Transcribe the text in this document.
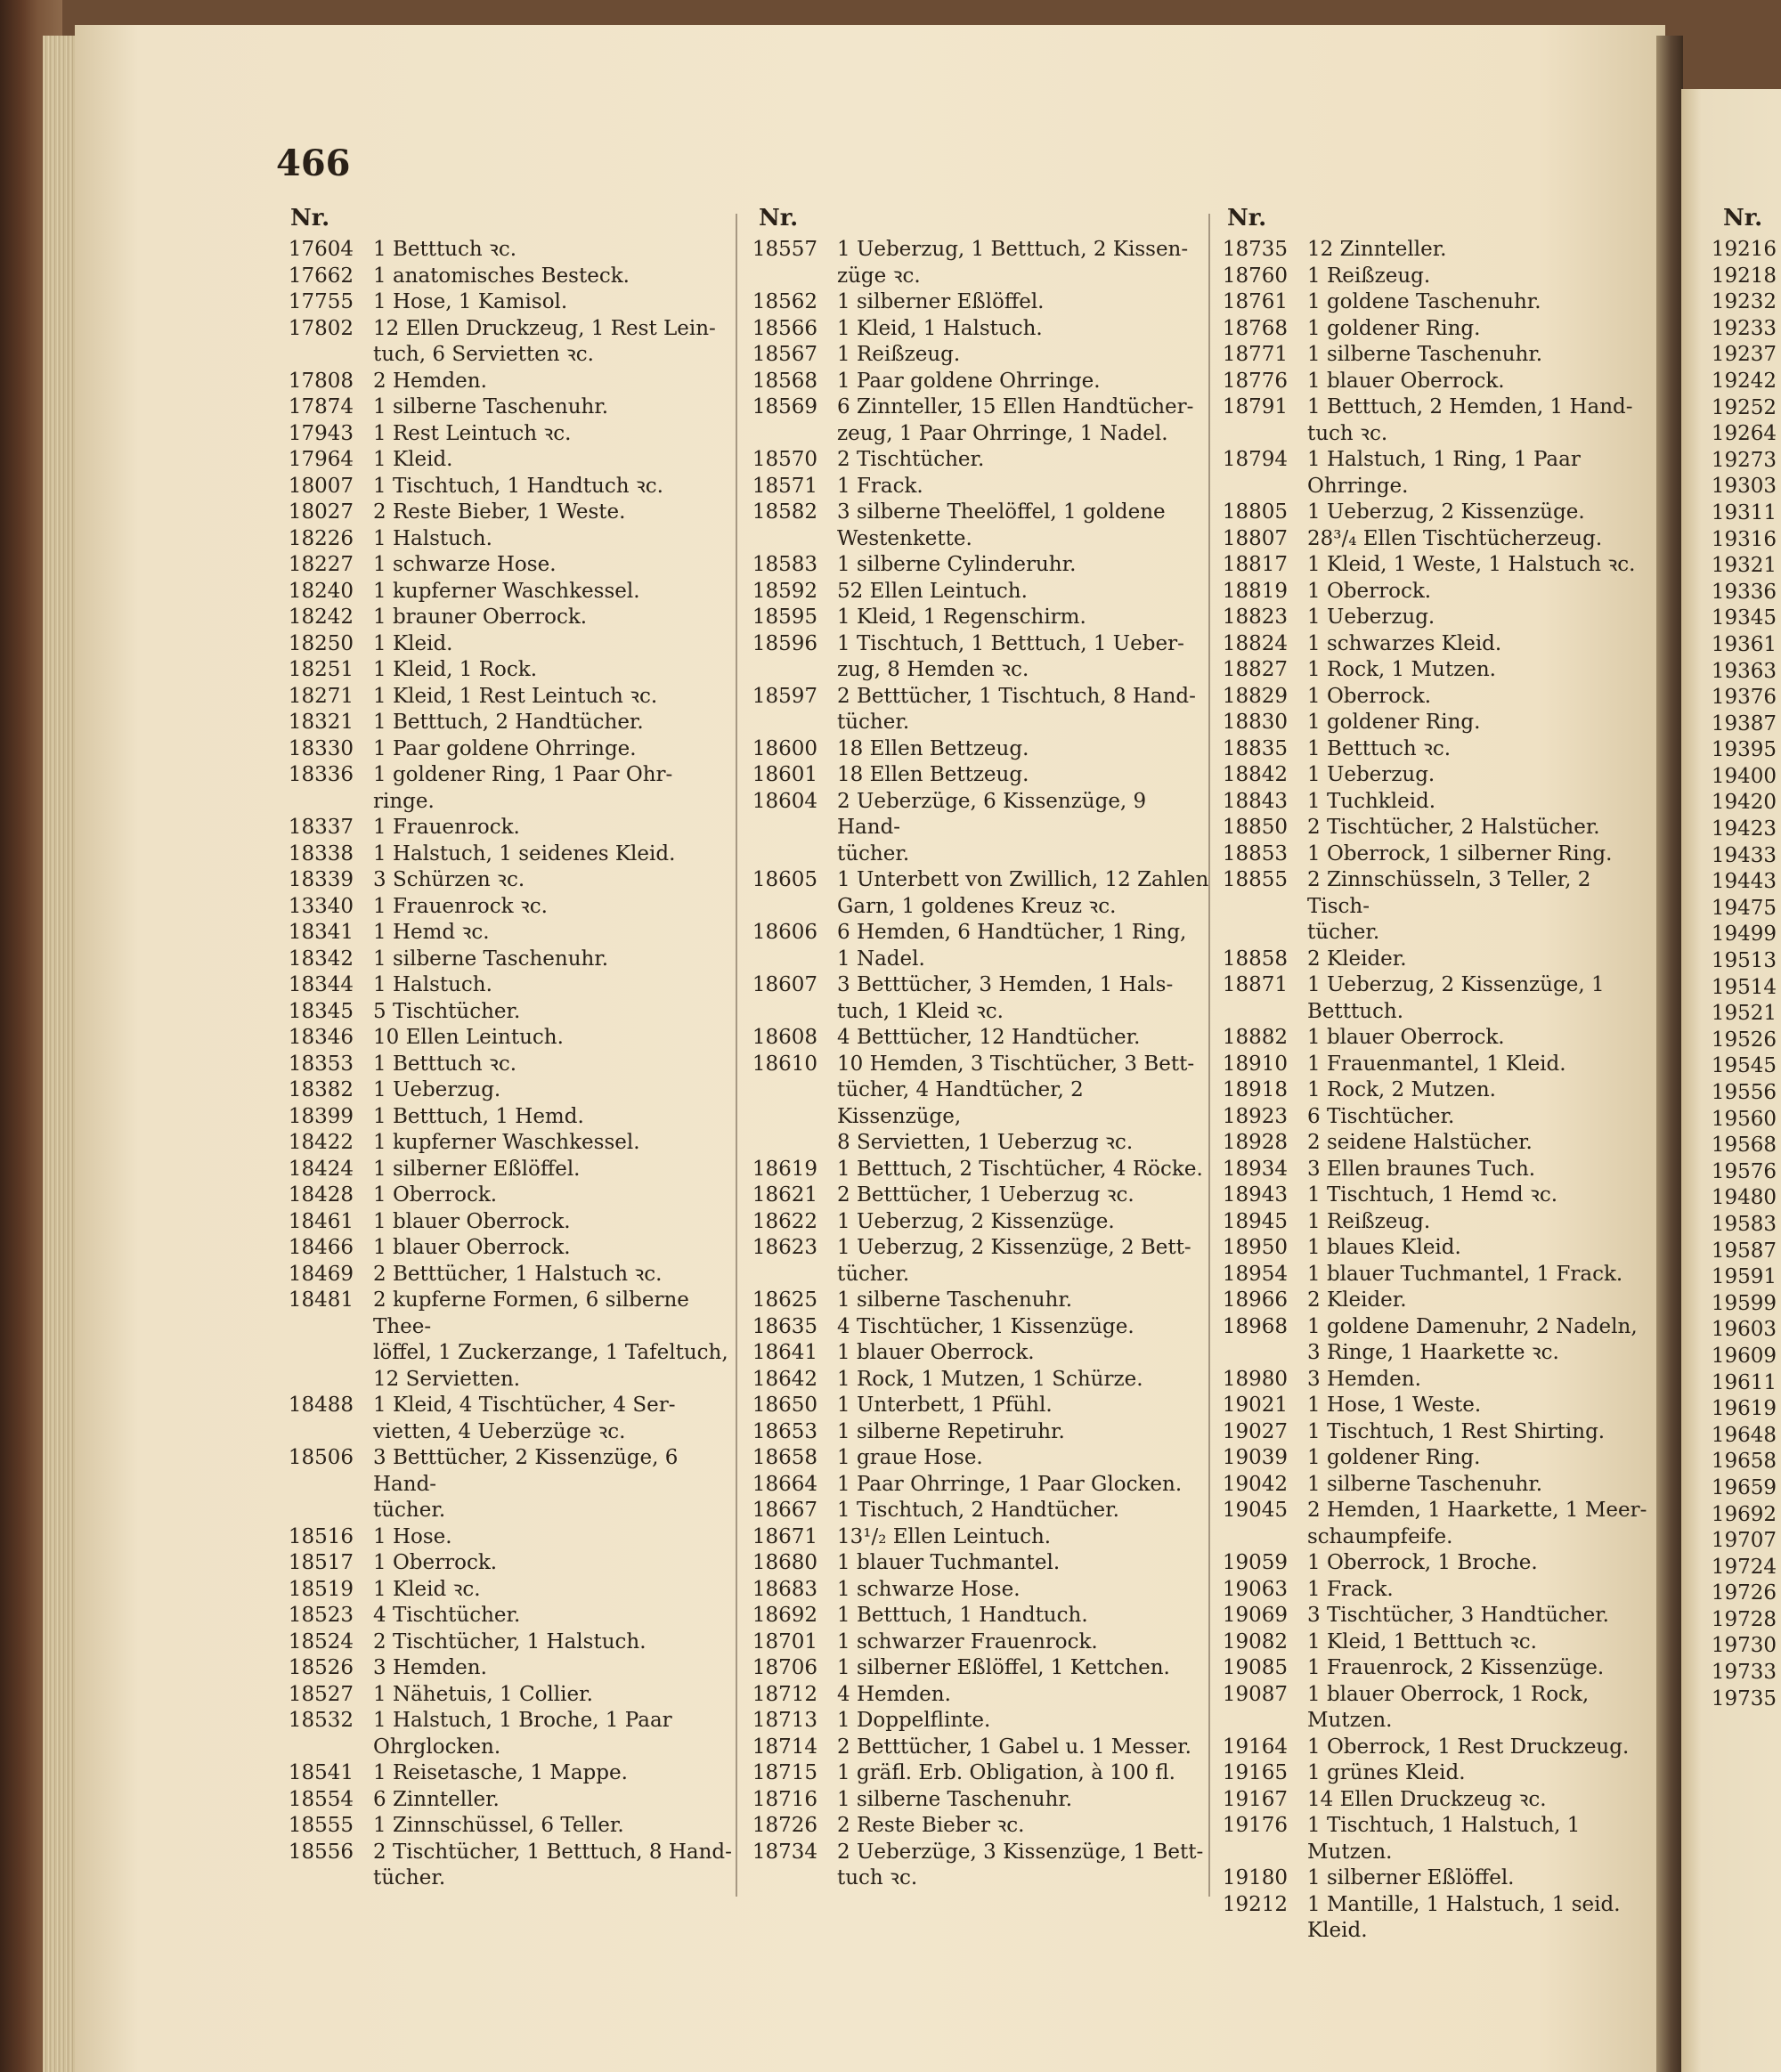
466
Nr.
17604 1 Betttuch ꝛc.
17662 1 anatomisches Besteck.
17755 1 Hose, 1 Kamisol.
17802 12 Ellen Druckzeug, 1 Rest Lein-
tuch, 6 Servietten ꝛc.
17808 2 Hemden.
17874 1 silberne Taschenuhr.
17943 1 Rest Leintuch ꝛc.
17964 1 Kleid.
18007 1 Tischtuch, 1 Handtuch ꝛc.
18027 2 Reste Bieber, 1 Weste.
18226 1 Halstuch.
18227 1 schwarze Hose.
18240 1 kupferner Waschkessel.
18242 1 brauner Oberrock.
18250 1 Kleid.
18251 1 Kleid, 1 Rock.
18271 1 Kleid, 1 Rest Leintuch ꝛc.
18321 1 Betttuch, 2 Handtücher.
18330 1 Paar goldene Ohrringe.
18336 1 goldener Ring, 1 Paar Ohr-
ringe.
18337 1 Frauenrock.
18338 1 Halstuch, 1 seidenes Kleid.
18339 3 Schürzen ꝛc.
13340 1 Frauenrock ꝛc.
18341 1 Hemd ꝛc.
18342 1 silberne Taschenuhr.
18344 1 Halstuch.
18345 5 Tischtücher.
18346 10 Ellen Leintuch.
18353 1 Betttuch ꝛc.
18382 1 Ueberzug.
18399 1 Betttuch, 1 Hemd.
18422 1 kupferner Waschkessel.
18424 1 silberner Eßlöffel.
18428 1 Oberrock.
18461 1 blauer Oberrock.
18466 1 blauer Oberrock.
18469 2 Betttücher, 1 Halstuch ꝛc.
18481 2 kupferne Formen, 6 silberne Thee-
löffel, 1 Zuckerzange, 1 Tafeltuch,
12 Servietten.
18488 1 Kleid, 4 Tischtücher, 4 Ser-
vietten, 4 Ueberzüge ꝛc.
18506 3 Betttücher, 2 Kissenzüge, 6 Hand-
tücher.
18516 1 Hose.
18517 1 Oberrock.
18519 1 Kleid ꝛc.
18523 4 Tischtücher.
18524 2 Tischtücher, 1 Halstuch.
18526 3 Hemden.
18527 1 Nähetuis, 1 Collier.
18532 1 Halstuch, 1 Broche, 1 Paar
Ohrglocken.
18541 1 Reisetasche, 1 Mappe.
18554 6 Zinnteller.
18555 1 Zinnschüssel, 6 Teller.
18556 2 Tischtücher, 1 Betttuch, 8 Hand-
tücher.
Nr.
18557 1 Ueberzug, 1 Betttuch, 2 Kissen-
züge ꝛc.
18562 1 silberner Eßlöffel.
18566 1 Kleid, 1 Halstuch.
18567 1 Reißzeug.
18568 1 Paar goldene Ohrringe.
18569 6 Zinnteller, 15 Ellen Handtücher-
zeug, 1 Paar Ohrringe, 1 Nadel.
18570 2 Tischtücher.
18571 1 Frack.
18582 3 silberne Theelöffel, 1 goldene
Westenkette.
18583 1 silberne Cylinderuhr.
18592 52 Ellen Leintuch.
18595 1 Kleid, 1 Regenschirm.
18596 1 Tischtuch, 1 Betttuch, 1 Ueber-
zug, 8 Hemden ꝛc.
18597 2 Betttücher, 1 Tischtuch, 8 Hand-
tücher.
18600 18 Ellen Bettzeug.
18601 18 Ellen Bettzeug.
18604 2 Ueberzüge, 6 Kissenzüge, 9 Hand-
tücher.
18605 1 Unterbett von Zwillich, 12 Zahlen
Garn, 1 goldenes Kreuz ꝛc.
18606 6 Hemden, 6 Handtücher, 1 Ring,
1 Nadel.
18607 3 Betttücher, 3 Hemden, 1 Hals-
tuch, 1 Kleid ꝛc.
18608 4 Betttücher, 12 Handtücher.
18610 10 Hemden, 3 Tischtücher, 3 Bett-
tücher, 4 Handtücher, 2 Kissenzüge,
8 Servietten, 1 Ueberzug ꝛc.
18619 1 Betttuch, 2 Tischtücher, 4 Röcke.
18621 2 Betttücher, 1 Ueberzug ꝛc.
18622 1 Ueberzug, 2 Kissenzüge.
18623 1 Ueberzug, 2 Kissenzüge, 2 Bett-
tücher.
18625 1 silberne Taschenuhr.
18635 4 Tischtücher, 1 Kissenzüge.
18641 1 blauer Oberrock.
18642 1 Rock, 1 Mutzen, 1 Schürze.
18650 1 Unterbett, 1 Pfühl.
18653 1 silberne Repetiruhr.
18658 1 graue Hose.
18664 1 Paar Ohrringe, 1 Paar Glocken.
18667 1 Tischtuch, 2 Handtücher.
18671 13¹/₂ Ellen Leintuch.
18680 1 blauer Tuchmantel.
18683 1 schwarze Hose.
18692 1 Betttuch, 1 Handtuch.
18701 1 schwarzer Frauenrock.
18706 1 silberner Eßlöffel, 1 Kettchen.
18712 4 Hemden.
18713 1 Doppelflinte.
18714 2 Betttücher, 1 Gabel u. 1 Messer.
18715 1 gräfl. Erb. Obligation, à 100 fl.
18716 1 silberne Taschenuhr.
18726 2 Reste Bieber ꝛc.
18734 2 Ueberzüge, 3 Kissenzüge, 1 Bett-
tuch ꝛc.
Nr.
18735 12 Zinnteller.
18760 1 Reißzeug.
18761 1 goldene Taschenuhr.
18768 1 goldener Ring.
18771 1 silberne Taschenuhr.
18776 1 blauer Oberrock.
18791 1 Betttuch, 2 Hemden, 1 Hand-
tuch ꝛc.
18794 1 Halstuch, 1 Ring, 1 Paar
Ohrringe.
18805 1 Ueberzug, 2 Kissenzüge.
18807 28³/₄ Ellen Tischtücherzeug.
18817 1 Kleid, 1 Weste, 1 Halstuch ꝛc.
18819 1 Oberrock.
18823 1 Ueberzug.
18824 1 schwarzes Kleid.
18827 1 Rock, 1 Mutzen.
18829 1 Oberrock.
18830 1 goldener Ring.
18835 1 Betttuch ꝛc.
18842 1 Ueberzug.
18843 1 Tuchkleid.
18850 2 Tischtücher, 2 Halstücher.
18853 1 Oberrock, 1 silberner Ring.
18855 2 Zinnschüsseln, 3 Teller, 2 Tisch-
tücher.
18858 2 Kleider.
18871 1 Ueberzug, 2 Kissenzüge, 1 Betttuch.
18882 1 blauer Oberrock.
18910 1 Frauenmantel, 1 Kleid.
18918 1 Rock, 2 Mutzen.
18923 6 Tischtücher.
18928 2 seidene Halstücher.
18934 3 Ellen braunes Tuch.
18943 1 Tischtuch, 1 Hemd ꝛc.
18945 1 Reißzeug.
18950 1 blaues Kleid.
18954 1 blauer Tuchmantel, 1 Frack.
18966 2 Kleider.
18968 1 goldene Damenuhr, 2 Nadeln,
3 Ringe, 1 Haarkette ꝛc.
18980 3 Hemden.
19021 1 Hose, 1 Weste.
19027 1 Tischtuch, 1 Rest Shirting.
19039 1 goldener Ring.
19042 1 silberne Taschenuhr.
19045 2 Hemden, 1 Haarkette, 1 Meer-
schaumpfeife.
19059 1 Oberrock, 1 Broche.
19063 1 Frack.
19069 3 Tischtücher, 3 Handtücher.
19082 1 Kleid, 1 Betttuch ꝛc.
19085 1 Frauenrock, 2 Kissenzüge.
19087 1 blauer Oberrock, 1 Rock,
Mutzen.
19164 1 Oberrock, 1 Rest Druckzeug.
19165 1 grünes Kleid.
19167 14 Ellen Druckzeug ꝛc.
19176 1 Tischtuch, 1 Halstuch, 1 Mutzen.
19180 1 silberner Eßlöffel.
19212 1 Mantille, 1 Halstuch, 1 seid. Kleid.
Nr.
19216
19218
19232
19233
19237
19242
19252
19264
19273
19303
19311
19316
19321
19336
19345
19361
19363
19376
19387
19395
19400
19420
19423
19433
19443
19475
19499
19513
19514
19521
19526
19545
19556
19560
19568
19576
19480
19583
19587
19591
19599
19603
19609
19611
19619
19648
19658
19659
19692
19707
19724
19726
19728
19730
19733
19735
